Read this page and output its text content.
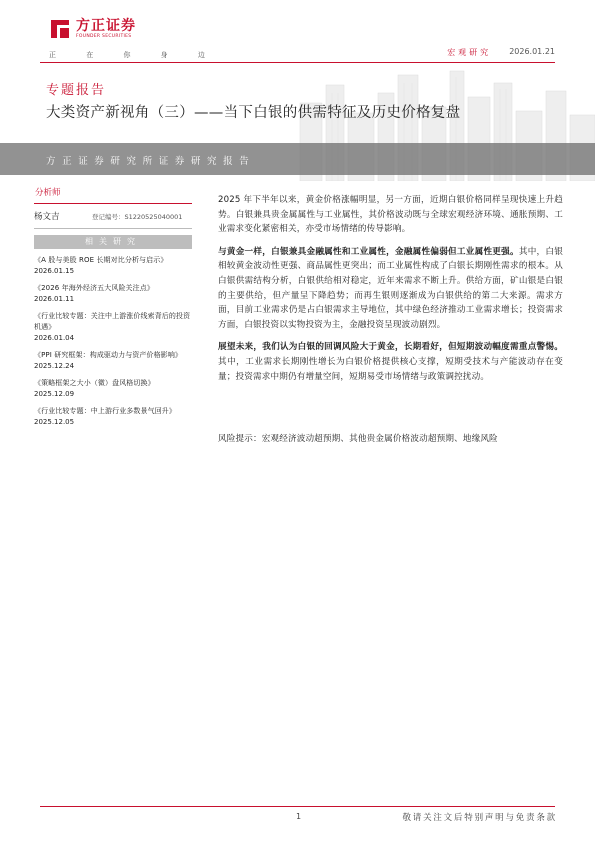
方正证券
FOUNDER SECURITIES
正 在 你 身 边	宏观研究 2026.01.21
方正证券研究所证券研究报告
专题报告
大类资产新视角（三）——当下白银的供需特征及历史价格复盘
分析师
杨文吉	登记编号：S1220525040001
相关研究
《A 股与美股 ROE 长期对比分析与启示》
2026.01.15
《2026 年海外经济五大风险关注点》
2026.01.11
《行业比较专题：关注中上游涨价线索背后的投资机遇》
2026.01.04
《PPI 研究框架：构成驱动力与资产价格影响》
2025.12.24
《策略框架之大小（微）盘风格切换》
2025.12.09
《行业比较专题：中上游行业多数景气回升》
2025.12.05

2025 年下半年以来，黄金价格涨幅明显，另一方面，近期白银价格同样呈现快速上升趋势。白银兼具贵金属属性与工业属性，其价格波动既与全球宏观经济环境、通胀预期、工业需求变化紧密相关，亦受市场情绪的传导影响。

与黄金一样，白银兼具金融属性和工业属性，金融属性偏弱但工业属性更强。其中，白银相较黄金波动性更强、商品属性更突出；而工业属性构成了白银长期刚性需求的根本。从白银供需结构分析，白银供给相对稳定，近年来需求不断上升。供给方面，矿山银是白银的主要供给，但产量呈下降趋势；而再生银则逐渐成为白银供给的第二大来源。需求方面，目前工业需求仍是占白银需求主导地位，其中绿色经济推动工业需求增长；投资需求方面，白银投资以实物投资为主，金融投资呈现波动剧烈。

展望未来，我们认为白银的回调风险大于黄金，长期看好，但短期波动幅度需重点警惕。其中，工业需求长期刚性增长为白银价格提供核心支撑，短期受技术与产能波动存在变量；投资需求中期仍有增量空间，短期易受市场情绪与政策调控扰动。

风险提示：宏观经济波动超预期、其他贵金属价格波动超预期、地缘风险
1	敬请关注文后特别声明与免责条款
